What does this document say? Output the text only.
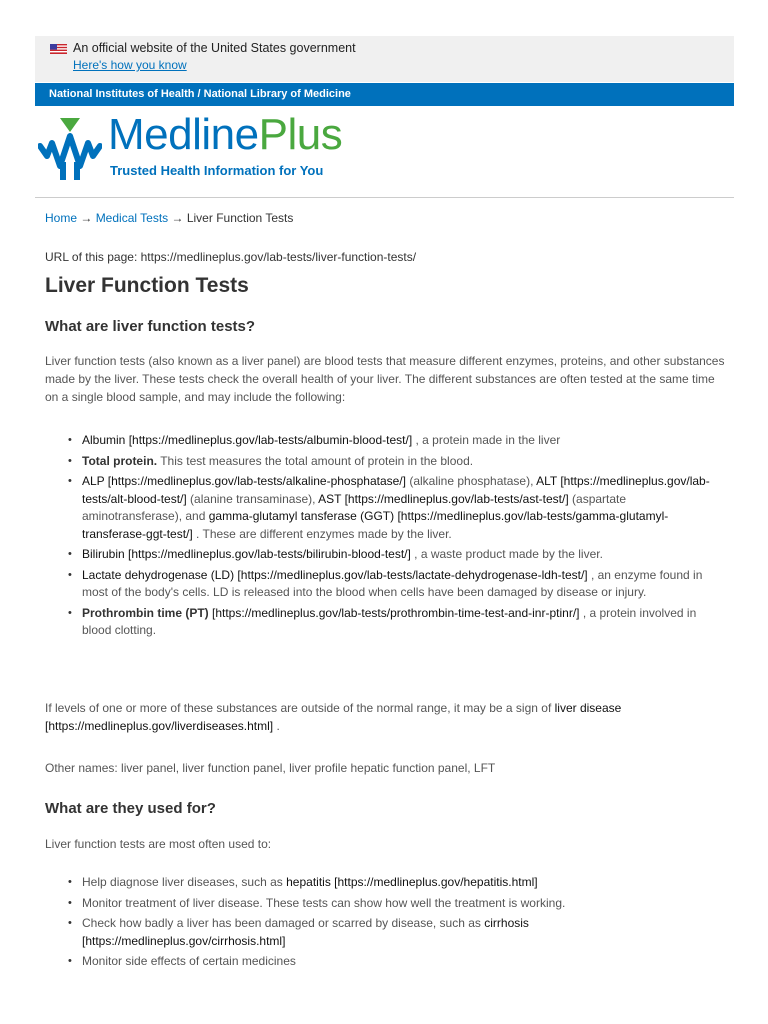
An official website of the United States government
Here's how you know
National Institutes of Health / National Library of Medicine
MedlinePlus
Trusted Health Information for You
Home → Medical Tests → Liver Function Tests
URL of this page: https://medlineplus.gov/lab-tests/liver-function-tests/
Liver Function Tests
What are liver function tests?

Liver function tests (also known as a liver panel) are blood tests that measure different enzymes, proteins, and other substances made by the liver. These tests check the overall health of your liver. The different substances are often tested at the same time on a single blood sample, and may include the following:

• Albumin [https://medlineplus.gov/lab-tests/albumin-blood-test/] , a protein made in the liver
• Total protein. This test measures the total amount of protein in the blood.
• ALP [https://medlineplus.gov/lab-tests/alkaline-phosphatase/] (alkaline phosphatase), ALT [https://medlineplus.gov/lab-tests/alt-blood-test/] (alanine transaminase), AST [https://medlineplus.gov/lab-tests/ast-test/] (aspartate aminotransferase), and gamma-glutamyl tansferase (GGT) [https://medlineplus.gov/lab-tests/gamma-glutamyl-transferase-ggt-test/] . These are different enzymes made by the liver.
• Bilirubin [https://medlineplus.gov/lab-tests/bilirubin-blood-test/] , a waste product made by the liver.
• Lactate dehydrogenase (LD) [https://medlineplus.gov/lab-tests/lactate-dehydrogenase-ldh-test/] , an enzyme found in most of the body's cells. LD is released into the blood when cells have been damaged by disease or injury.
• Prothrombin time (PT) [https://medlineplus.gov/lab-tests/prothrombin-time-test-and-inr-ptinr/] , a protein involved in blood clotting.

If levels of one or more of these substances are outside of the normal range, it may be a sign of liver disease [https://medlineplus.gov/liverdiseases.html] .

Other names: liver panel, liver function panel, liver profile hepatic function panel, LFT

What are they used for?

Liver function tests are most often used to:

• Help diagnose liver diseases, such as hepatitis [https://medlineplus.gov/hepatitis.html]
• Monitor treatment of liver disease. These tests can show how well the treatment is working.
• Check how badly a liver has been damaged or scarred by disease, such as cirrhosis [https://medlineplus.gov/cirrhosis.html]
• Monitor side effects of certain medicines
